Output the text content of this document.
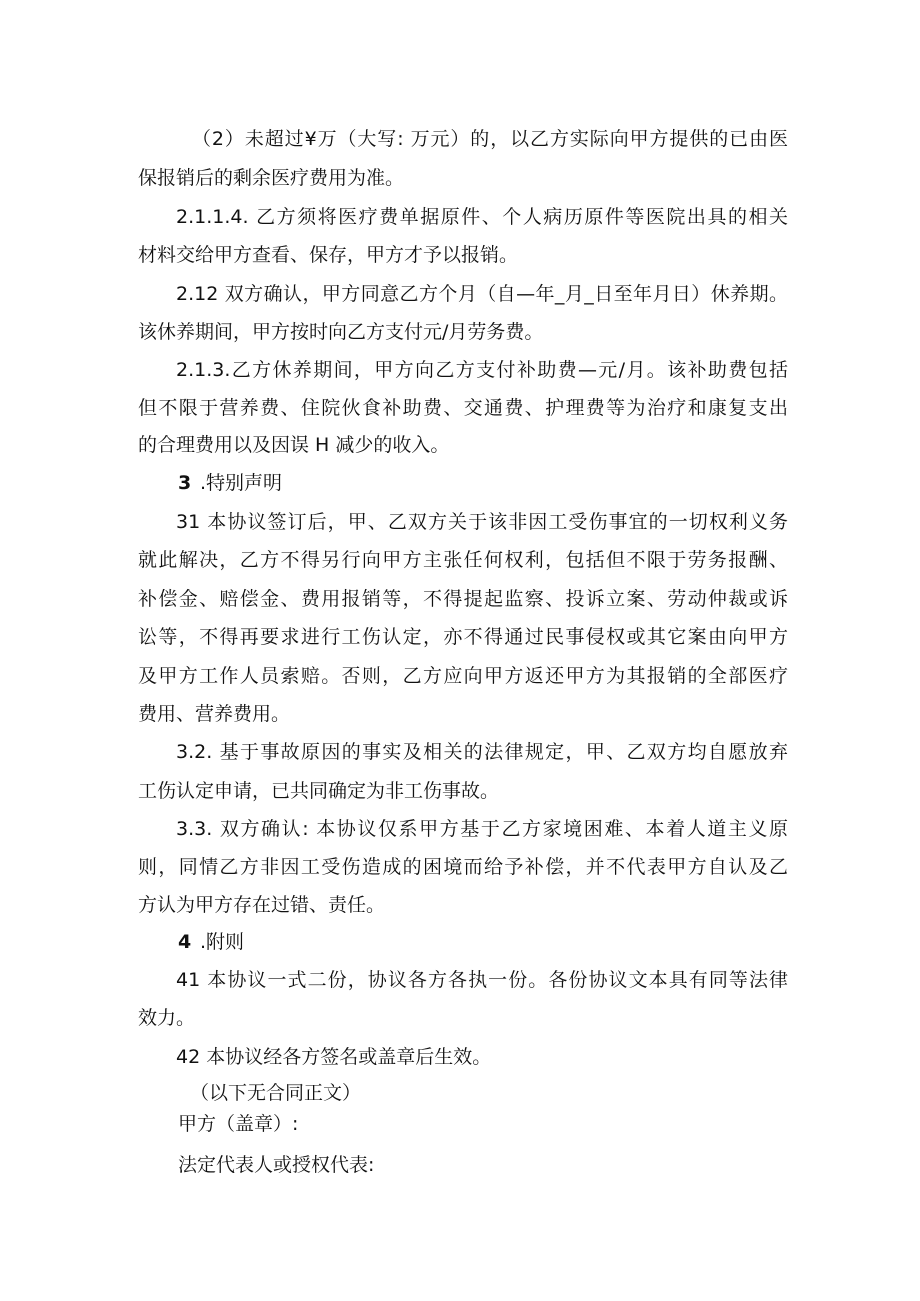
（2）未超过¥万（大写: 万元）的，以乙方实际向甲方提供的已由医
保报销后的剩余医疗费用为准。
2.1.1.4. 乙方须将医疗费单据原件、个人病历原件等医院出具的相关
材料交给甲方查看、保存，甲方才予以报销。
2.12 双方确认，甲方同意乙方个月（自—年_月_日至年月日）休养期。
该休养期间，甲方按时向乙方支付元/月劳务费。
2.1.3.乙方休养期间，甲方向乙方支付补助费—元/月。该补助费包括
但不限于营养费、住院伙食补助费、交通费、护理费等为治疗和康复支出
的合理费用以及因误 H 减少的收入。
3 .特别声明
31 本协议签订后，甲、乙双方关于该非因工受伤事宜的一切权利义务
就此解决，乙方不得另行向甲方主张任何权利，包括但不限于劳务报酬、
补偿金、赔偿金、费用报销等，不得提起监察、投诉立案、劳动仲裁或诉
讼等，不得再要求进行工伤认定，亦不得通过民事侵权或其它案由向甲方
及甲方工作人员索赔。否则，乙方应向甲方返还甲方为其报销的全部医疗
费用、营养费用。
3.2. 基于事故原因的事实及相关的法律规定，甲、乙双方均自愿放弃
工伤认定申请，已共同确定为非工伤事故。
3.3. 双方确认: 本协议仅系甲方基于乙方家境困难、本着人道主义原
则，同情乙方非因工受伤造成的困境而给予补偿，并不代表甲方自认及乙
方认为甲方存在过错、责任。
4 .附则
41 本协议一式二份，协议各方各执一份。各份协议文本具有同等法律
效力。
42 本协议经各方签名或盖章后生效。
（以下无合同正文）
甲方（盖章）:
法定代表人或授权代表:
